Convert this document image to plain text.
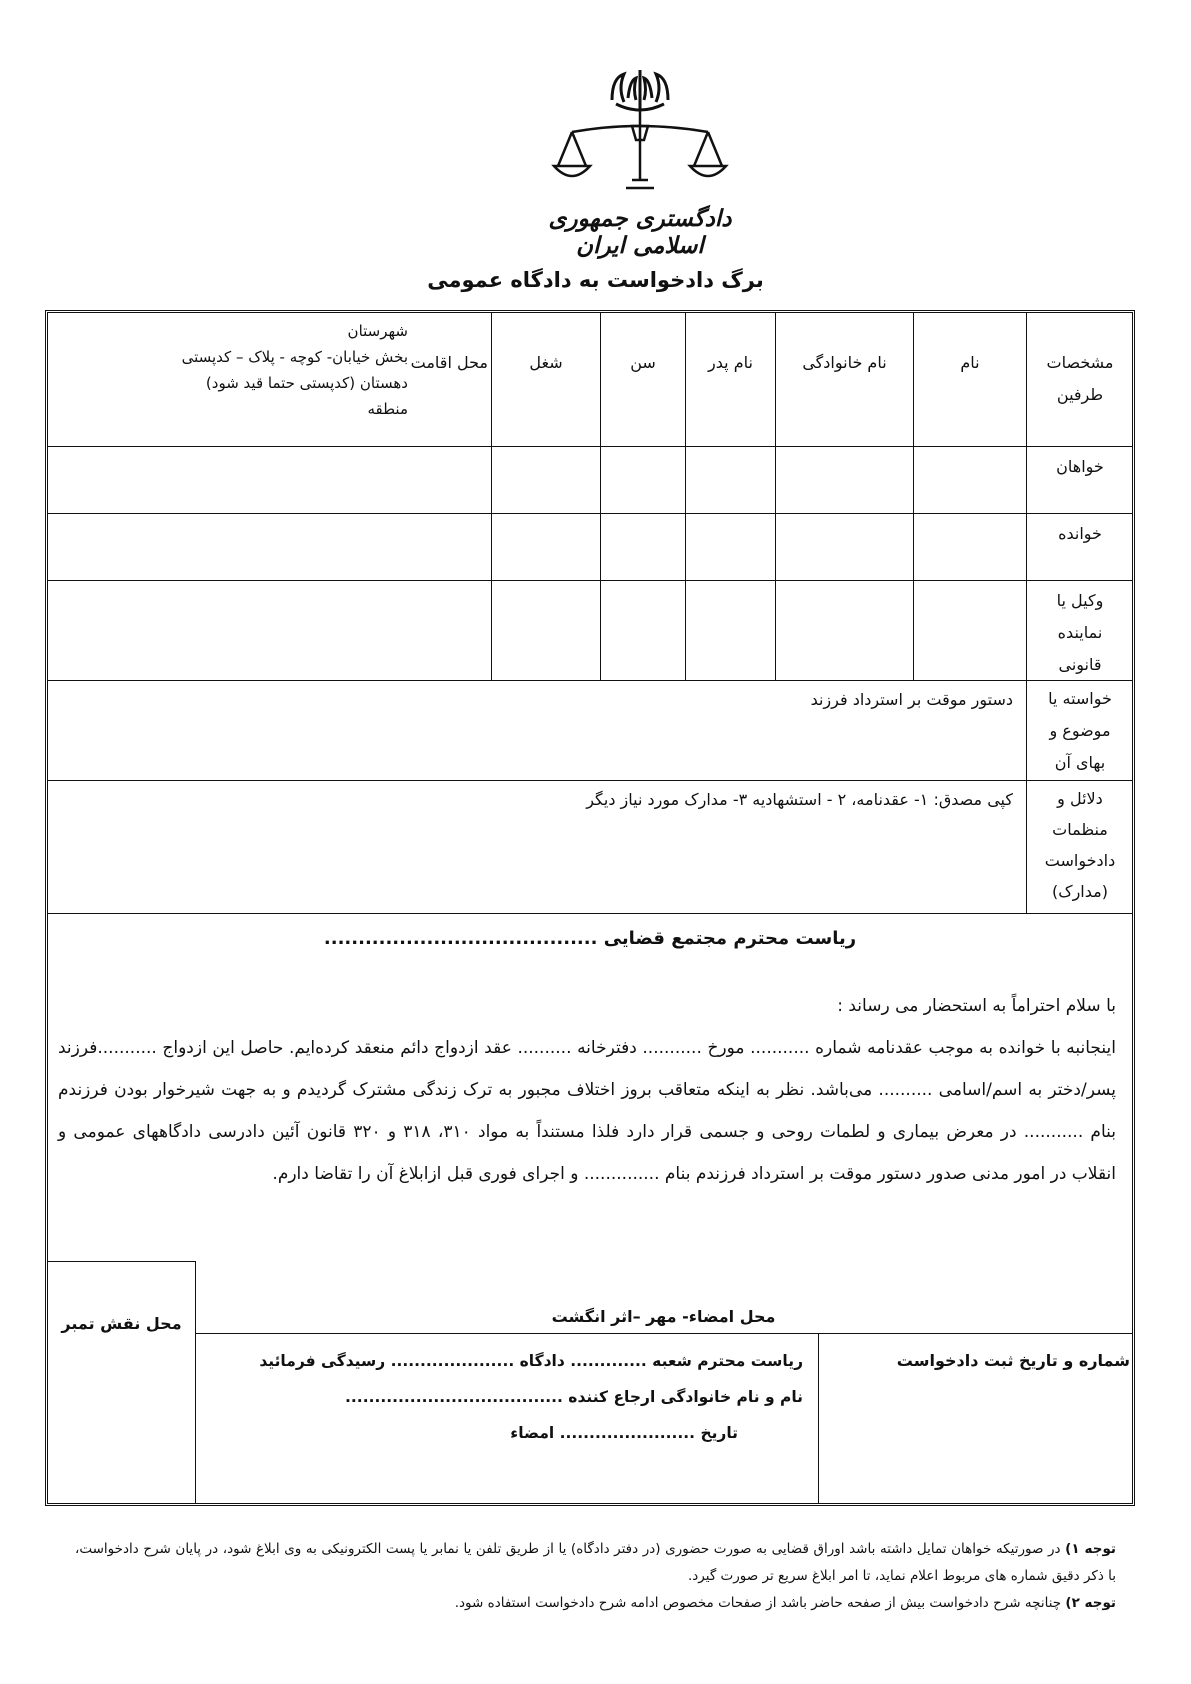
دادگستری جمهوری اسلامی ایران
برگ دادخواست به دادگاه عمومی
مشخصات
طرفین
نام
نام خانوادگی
نام پدر
سن
شغل
محل اقامت
شهرستان
بخش خیابان- کوچه - پلاک – کدپستی
دهستان (کدپستی حتما قید شود)
منطقه
خواهان
خوانده
وکیل یا
نماینده
قانونی
خواسته یا
موضوع و
بهای آن
دستور موقت بر استرداد فرزند
دلائل و
منظمات
دادخواست
(مدارک)
کپی مصدق: ۱- عقدنامه، ۲ - استشهادیه ۳- مدارک مورد نیاز دیگر
ریاست محترم مجتمع قضایی ........................................
با سلام احتراماً به استحضار می رساند :
اینجانبه با خوانده به موجب عقدنامه شماره ........... مورخ ........... دفترخانه .......... عقد ازدواج دائم منعقد کرده‌ایم. حاصل این ازدواج ...........فرزند پسر/دختر به اسم/اسامی .......... می‌باشد. نظر به اینکه متعاقب بروز اختلاف مجبور به ترک زندگی مشترک گردیدم و به جهت شیرخوار بودن فرزندم بنام ........... در معرض بیماری و لطمات روحی و جسمی قرار دارد فلذا مستنداً به مواد ۳۱۰، ۳۱۸ و ۳۲۰ قانون آئین دادرسی دادگاههای عمومی و انقلاب در امور مدنی صدور دستور موقت بر استرداد فرزندم بنام .............. و اجرای فوری قبل ازابلاغ آن را تقاضا دارم.
محل نقش تمبر	محل امضاء- مهر –اثر انگشت
شماره و تاریخ ثبت دادخواست
ریاست محترم شعبه ............. دادگاه ..................... رسیدگی فرمائید
نام و نام خانوادگی ارجاع کننده .....................................
تاریخ ....................... امضاء
توجه ۱) در صورتیکه خواهان تمایل داشته باشد اوراق قضایی به صورت حضوری (در دفتر دادگاه) یا از طریق تلفن یا نمابر یا پست الکترونیکی به وی ابلاغ شود، در پایان شرح دادخواست، با ذکر دقیق شماره های مربوط اعلام نماید، تا امر ابلاغ سریع تر صورت گیرد.
توجه ۲) چنانچه شرح دادخواست بیش از صفحه حاضر باشد از صفحات مخصوص ادامه شرح دادخواست استفاده شود.
